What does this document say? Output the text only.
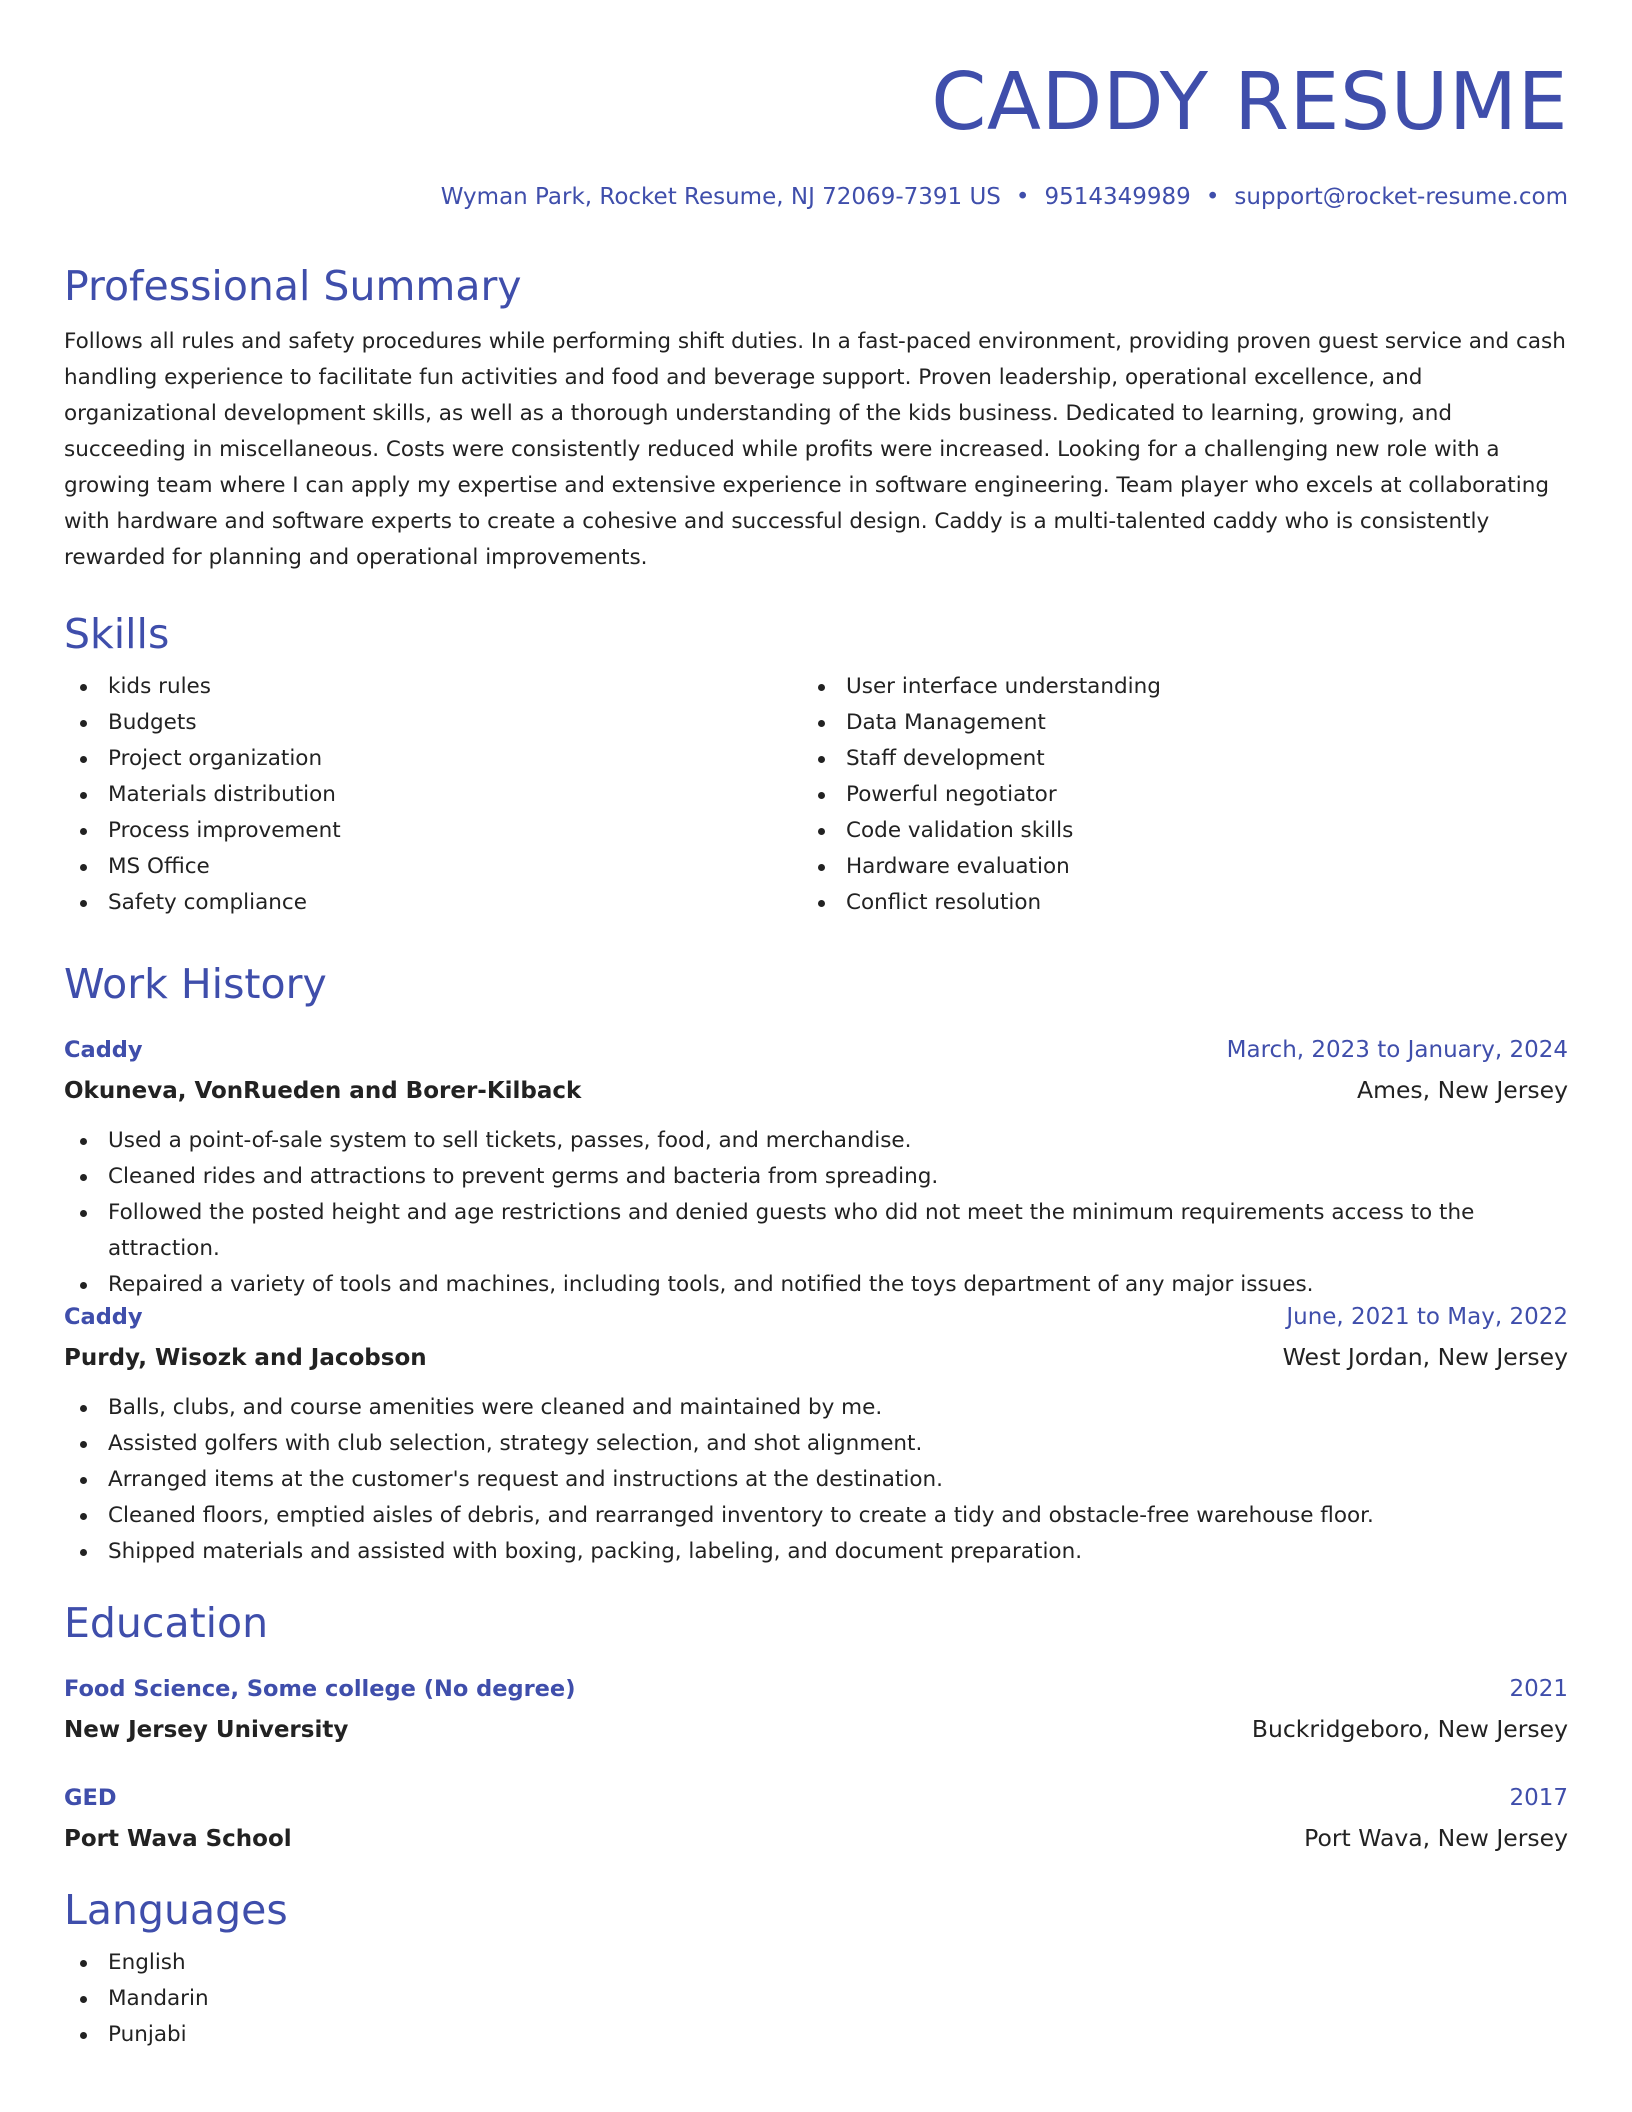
CADDY RESUME
Wyman Park, Rocket Resume, NJ 72069-7391 US • 9514349989 • support@rocket-resume.com
Professional Summary

Follows all rules and safety procedures while performing shift duties. In a fast-paced environment, providing proven guest service and cash handling experience to facilitate fun activities and food and beverage support. Proven leadership, operational excellence, and organizational development skills, as well as a thorough understanding of the kids business. Dedicated to learning, growing, and succeeding in miscellaneous. Costs were consistently reduced while profits were increased. Looking for a challenging new role with a growing team where I can apply my expertise and extensive experience in software engineering. Team player who excels at collaborating with hardware and software experts to create a cohesive and successful design. Caddy is a multi-talented caddy who is consistently rewarded for planning and operational improvements.

Skills
kids rules
Budgets
Project organization
Materials distribution
Process improvement
MS Office
Safety compliance
User interface understanding
Data Management
Staff development
Powerful negotiator
Code validation skills
Hardware evaluation
Conflict resolution
Work History
Caddy	March, 2023 to January, 2024
Okuneva, VonRueden and Borer-Kilback	Ames, New Jersey
Used a point-of-sale system to sell tickets, passes, food, and merchandise.
Cleaned rides and attractions to prevent germs and bacteria from spreading.
Followed the posted height and age restrictions and denied guests who did not meet the minimum requirements access to the attraction.
Repaired a variety of tools and machines, including tools, and notified the toys department of any major issues.
Caddy	June, 2021 to May, 2022
Purdy, Wisozk and Jacobson	West Jordan, New Jersey
Balls, clubs, and course amenities were cleaned and maintained by me.
Assisted golfers with club selection, strategy selection, and shot alignment.
Arranged items at the customer's request and instructions at the destination.
Cleaned floors, emptied aisles of debris, and rearranged inventory to create a tidy and obstacle-free warehouse floor.
Shipped materials and assisted with boxing, packing, labeling, and document preparation.
Education
Food Science, Some college (No degree)	2021
New Jersey University	Buckridgeboro, New Jersey
GED	2017
Port Wava School	Port Wava, New Jersey
Languages
English
Mandarin
Punjabi
